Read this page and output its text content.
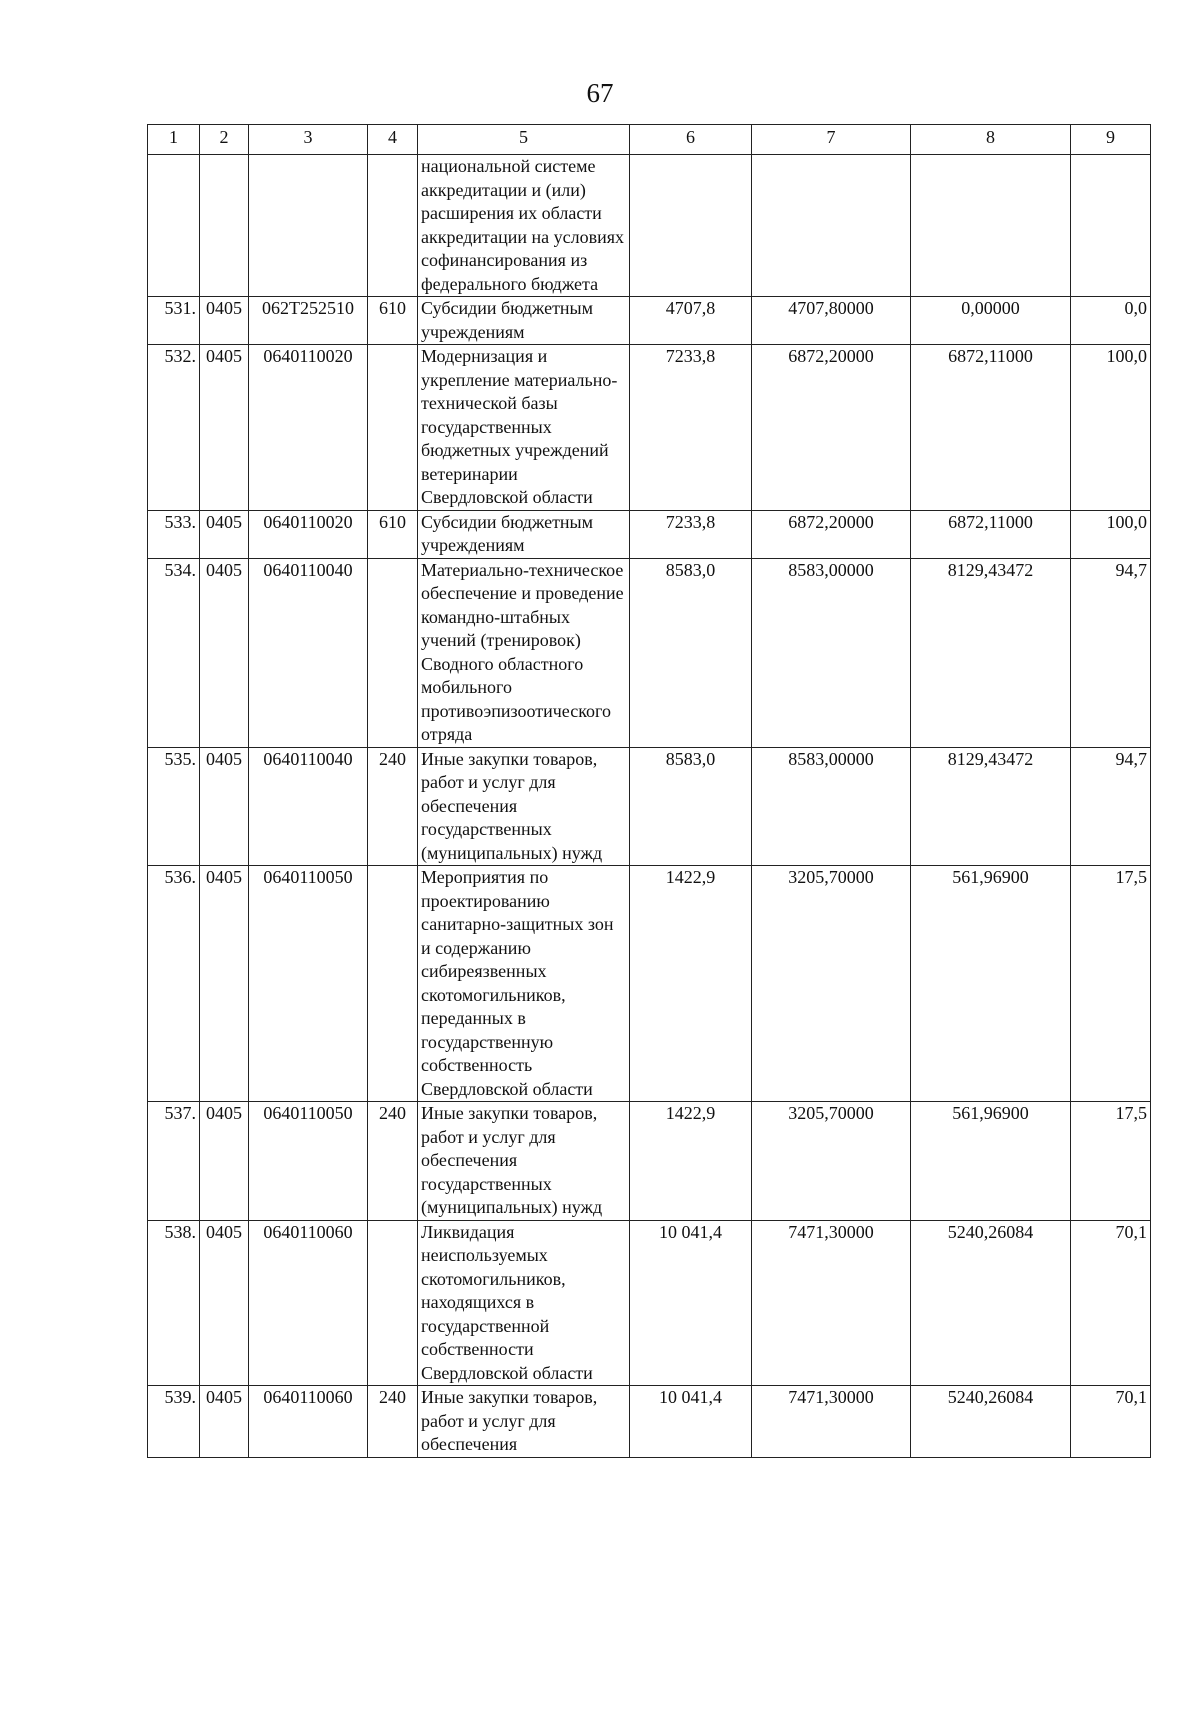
67
1	2	3	4	5	6	7	8	9
				национальной системе аккредитации и (или) расширения их области аккредитации на условиях софинансирования из федерального бюджета				
531.	0405	062T252510	610	Субсидии бюджетным учреждениям	4707,8	4707,80000	0,00000	0,0
532.	0405	0640110020		Модернизация и укрепление материально-технической базы государственных бюджетных учреждений ветеринарии Свердловской области	7233,8	6872,20000	6872,11000	100,0
533.	0405	0640110020	610	Субсидии бюджетным учреждениям	7233,8	6872,20000	6872,11000	100,0
534.	0405	0640110040		Материально-техническое обеспечение и проведение командно-штабных учений (тренировок) Сводного областного мобильного противоэпизоотического отряда	8583,0	8583,00000	8129,43472	94,7
535.	0405	0640110040	240	Иные закупки товаров, работ и услуг для обеспечения государственных (муниципальных) нужд	8583,0	8583,00000	8129,43472	94,7
536.	0405	0640110050		Мероприятия по проектированию санитарно-защитных зон и содержанию сибиреязвенных скотомогильников, переданных в государственную собственность Свердловской области	1422,9	3205,70000	561,96900	17,5
537.	0405	0640110050	240	Иные закупки товаров, работ и услуг для обеспечения государственных (муниципальных) нужд	1422,9	3205,70000	561,96900	17,5
538.	0405	0640110060		Ликвидация неиспользуемых скотомогильников, находящихся в государственной собственности Свердловской области	10 041,4	7471,30000	5240,26084	70,1
539.	0405	0640110060	240	Иные закупки товаров, работ и услуг для обеспечения	10 041,4	7471,30000	5240,26084	70,1
